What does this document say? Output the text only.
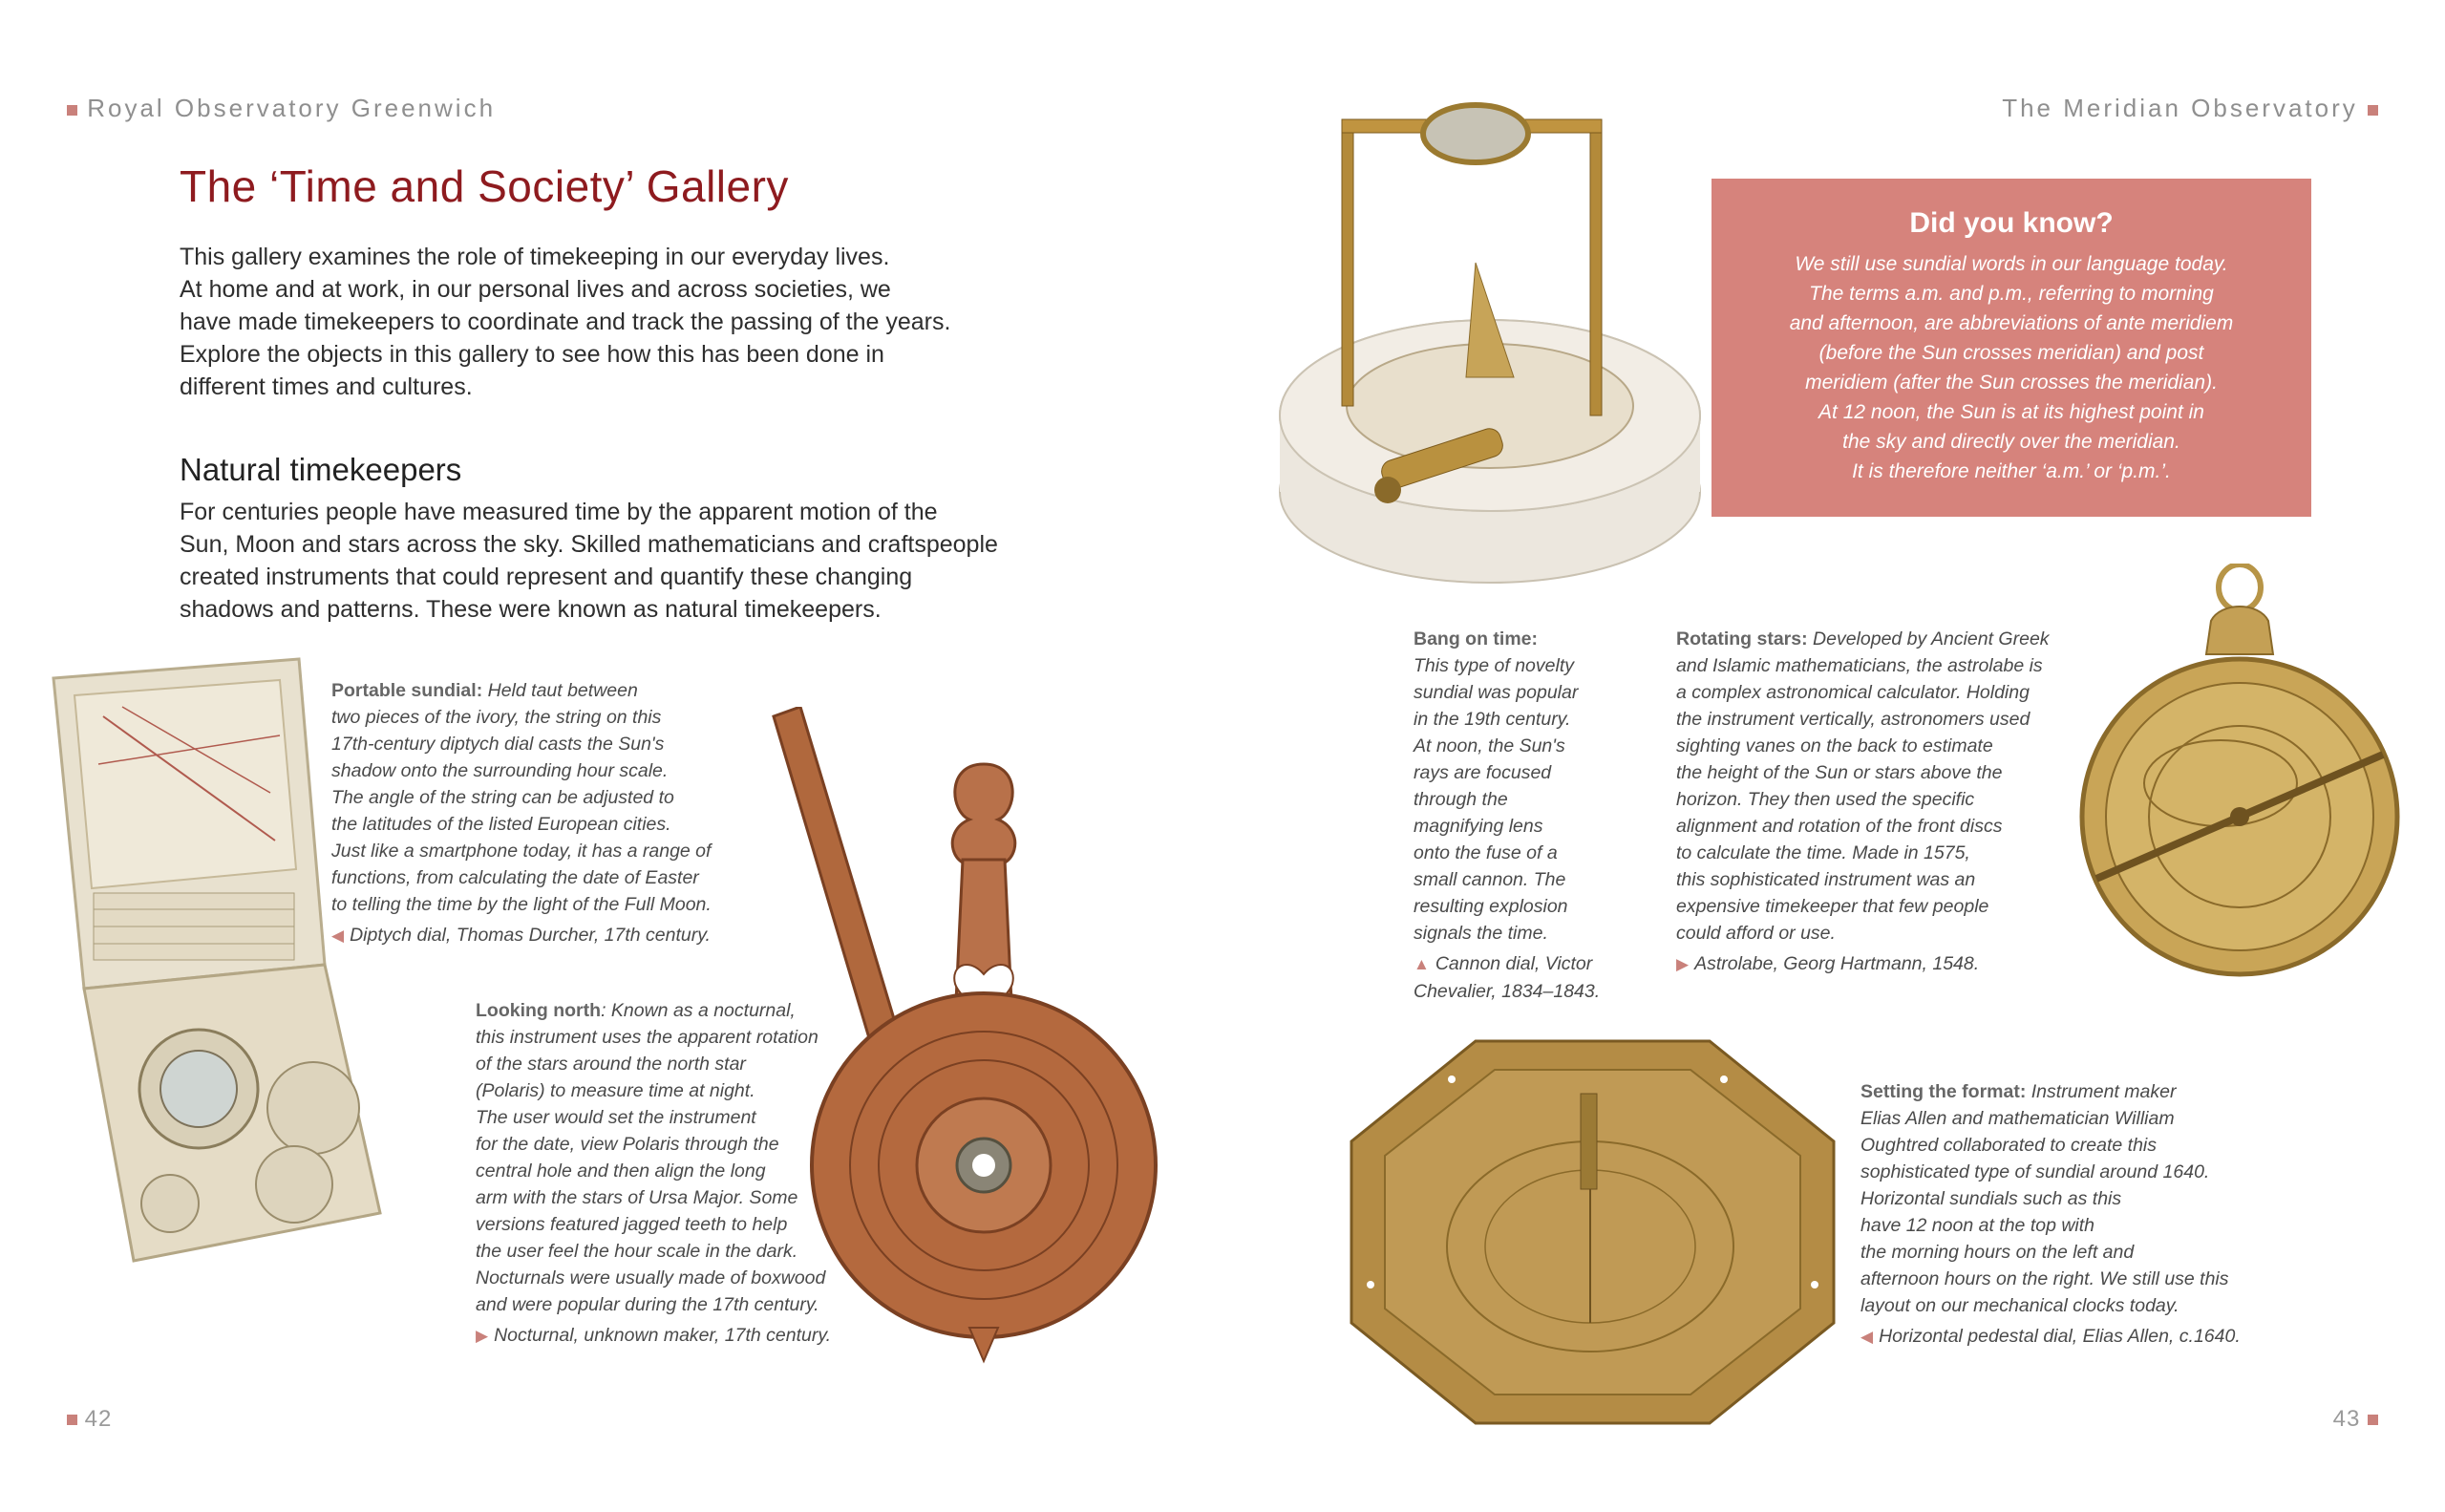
Royal Observatory Greenwich	The Meridian Observatory
The ‘Time and Society’ Gallery
This gallery examines the role of timekeeping in our everyday lives.
At home and at work, in our personal lives and across societies, we
have made timekeepers to coordinate and track the passing of the years.
Explore the objects in this gallery to see how this has been done in
different times and cultures.
Natural timekeepers
For centuries people have measured time by the apparent motion of the
Sun, Moon and stars across the sky. Skilled mathematicians and craftspeople
created instruments that could represent and quantify these changing
shadows and patterns. These were known as natural timekeepers.
Portable sundial: Held taut between
two pieces of the ivory, the string on this
17th-century diptych dial casts the Sun's
shadow onto the surrounding hour scale.
The angle of the string can be adjusted to
the latitudes of the listed European cities.
Just like a smartphone today, it has a range of
functions, from calculating the date of Easter
to telling the time by the light of the Full Moon.
◀ Diptych dial, Thomas Durcher, 17th century.
Looking north: Known as a nocturnal,
this instrument uses the apparent rotation
of the stars around the north star
(Polaris) to measure time at night.
The user would set the instrument
for the date, view Polaris through the
central hole and then align the long
arm with the stars of Ursa Major. Some
versions featured jagged teeth to help
the user feel the hour scale in the dark.
Nocturnals were usually made of boxwood
and were popular during the 17th century.
▶ Nocturnal, unknown maker, 17th century.
Did you know?

We still use sundial words in our language today.
The terms a.m. and p.m., referring to morning
and afternoon, are abbreviations of ante meridiem
(before the Sun crosses meridian) and post
meridiem (after the Sun crosses the meridian).
At 12 noon, the Sun is at its highest point in
the sky and directly over the meridian.
It is therefore neither ‘a.m.’ or ‘p.m.’.

Bang on time:
This type of novelty
sundial was popular
in the 19th century.
At noon, the Sun's
rays are focused
through the
magnifying lens
onto the fuse of a
small cannon. The
resulting explosion
signals the time.
▲ Cannon dial, Victor
Chevalier, 1834–1843.
Rotating stars: Developed by Ancient Greek
and Islamic mathematicians, the astrolabe is
a complex astronomical calculator. Holding
the instrument vertically, astronomers used
sighting vanes on the back to estimate
the height of the Sun or stars above the
horizon. They then used the specific
alignment and rotation of the front discs
to calculate the time. Made in 1575,
this sophisticated instrument was an
expensive timekeeper that few people
could afford or use.
▶ Astrolabe, Georg Hartmann, 1548.
Setting the format: Instrument maker
Elias Allen and mathematician William
Oughtred collaborated to create this
sophisticated type of sundial around 1640.
Horizontal sundials such as this
have 12 noon at the top with
the morning hours on the left and
afternoon hours on the right. We still use this
layout on our mechanical clocks today.
◀ Horizontal pedestal dial, Elias Allen, c.1640.
42	43
